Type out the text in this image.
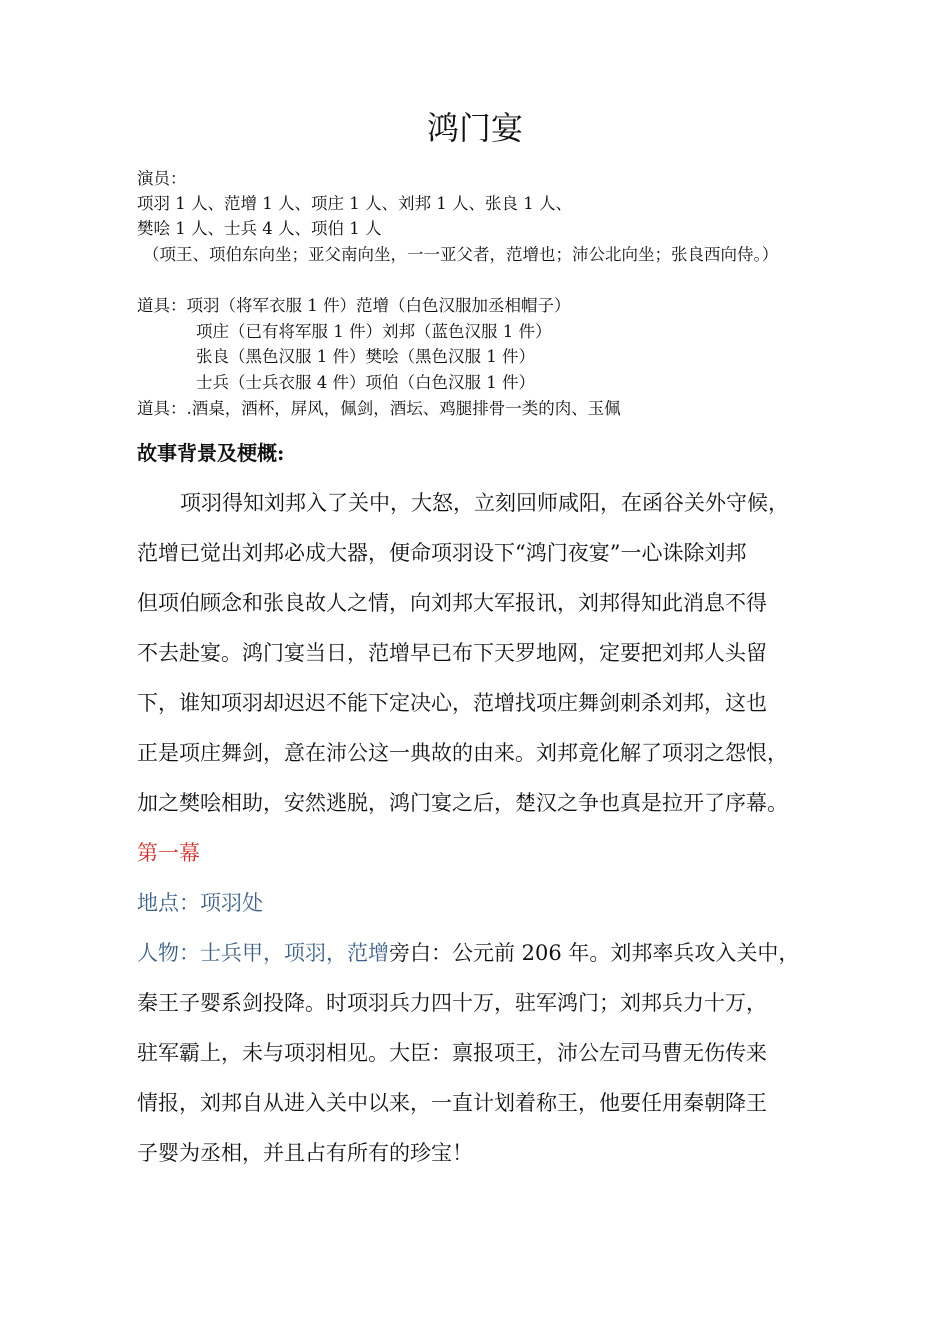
鸿门宴
演员：
项羽 1 人、范增 1 人、项庄 1 人、刘邦 1 人、张良 1 人、
樊哙 1 人、士兵 4 人、项伯 1 人
（项王、项伯东向坐；亚父南向坐，一一亚父者，范增也；沛公北向坐；张良西向侍。）
道具：项羽（将军衣服 1 件）范增（白色汉服加丞相帽子）
项庄（已有将军服 1 件）刘邦（蓝色汉服 1 件）
张良（黑色汉服 1 件）樊哙（黑色汉服 1 件）
士兵（士兵衣服 4 件）项伯（白色汉服 1 件）
道具：.酒桌，酒杯，屏风，佩剑，酒坛、鸡腿排骨一类的肉、玉佩
故事背景及梗概:
项羽得知刘邦入了关中，大怒，立刻回师咸阳，在函谷关外守候，
范增已觉出刘邦必成大器，便命项羽设下“鸿门夜宴”一心诛除刘邦
但项伯顾念和张良故人之情，向刘邦大军报讯，刘邦得知此消息不得
不去赴宴。鸿门宴当日，范增早已布下天罗地网，定要把刘邦人头留
下，谁知项羽却迟迟不能下定决心，范增找项庄舞剑刺杀刘邦，这也
正是项庄舞剑，意在沛公这一典故的由来。刘邦竟化解了项羽之怨恨，
加之樊哙相助，安然逃脱，鸿门宴之后，楚汉之争也真是拉开了序幕。
第一幕
地点：项羽处
人物：士兵甲，项羽，范增旁白：公元前 206 年。刘邦率兵攻入关中，
秦王子婴系剑投降。时项羽兵力四十万，驻军鸿门；刘邦兵力十万，
驻军霸上，未与项羽相见。大臣：禀报项王，沛公左司马曹无伤传来
情报，刘邦自从进入关中以来，一直计划着称王，他要任用秦朝降王
子婴为丞相，并且占有所有的珍宝！
